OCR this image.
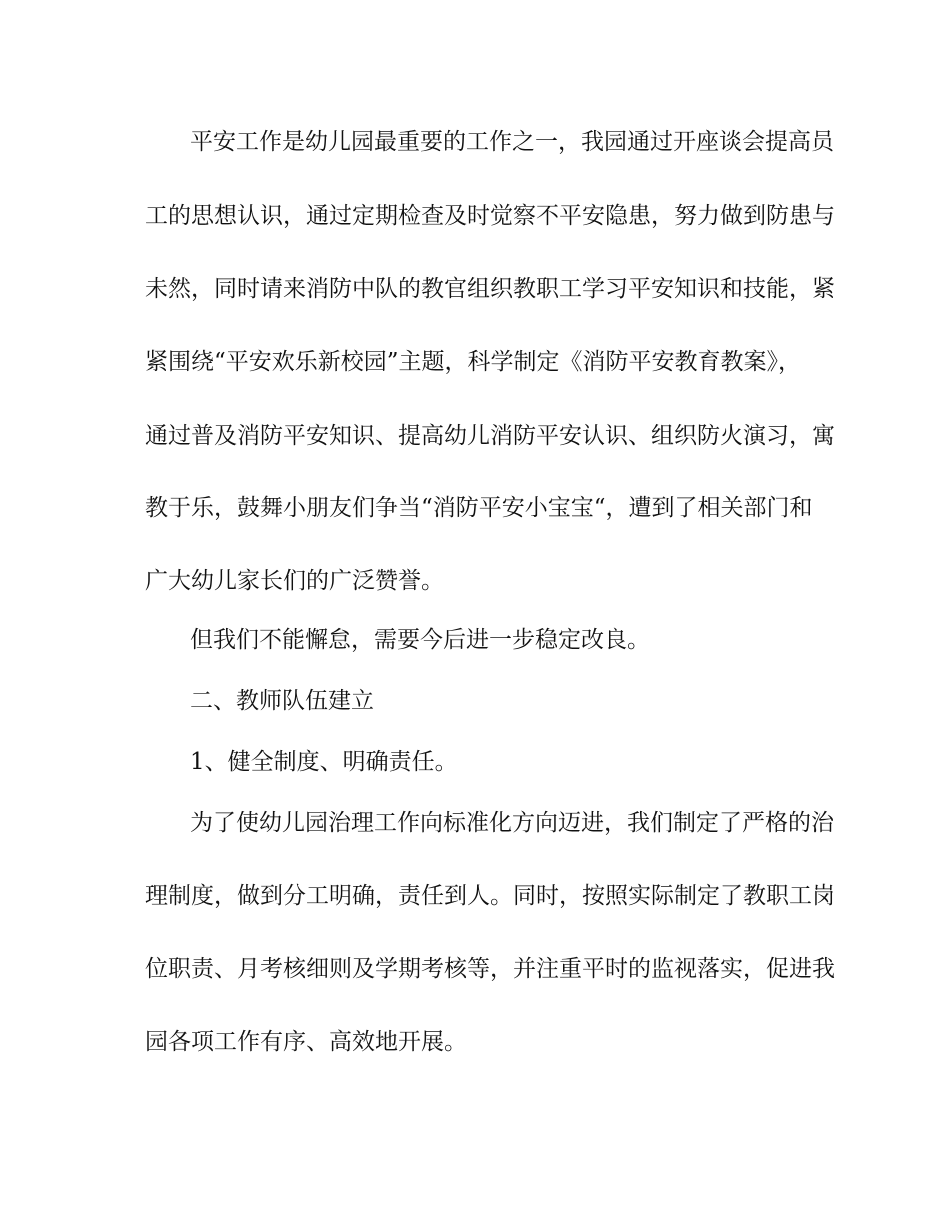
平安工作是幼儿园最重要的工作之一，我园通过开座谈会提高员
工的思想认识，通过定期检查及时觉察不平安隐患，努力做到防患与
未然，同时请来消防中队的教官组织教职工学习平安知识和技能，紧
紧围绕“平安欢乐新校园”主题，科学制定《消防平安教育教案》，
通过普及消防平安知识、提高幼儿消防平安认识、组织防火演习，寓
教于乐，鼓舞小朋友们争当“消防平安小宝宝“，遭到了相关部门和
广大幼儿家长们的广泛赞誉。
但我们不能懈怠，需要今后进一步稳定改良。
二、教师队伍建立
1、健全制度、明确责任。
为了使幼儿园治理工作向标准化方向迈进，我们制定了严格的治
理制度，做到分工明确，责任到人。同时，按照实际制定了教职工岗
位职责、月考核细则及学期考核等，并注重平时的监视落实，促进我
园各项工作有序、高效地开展。
